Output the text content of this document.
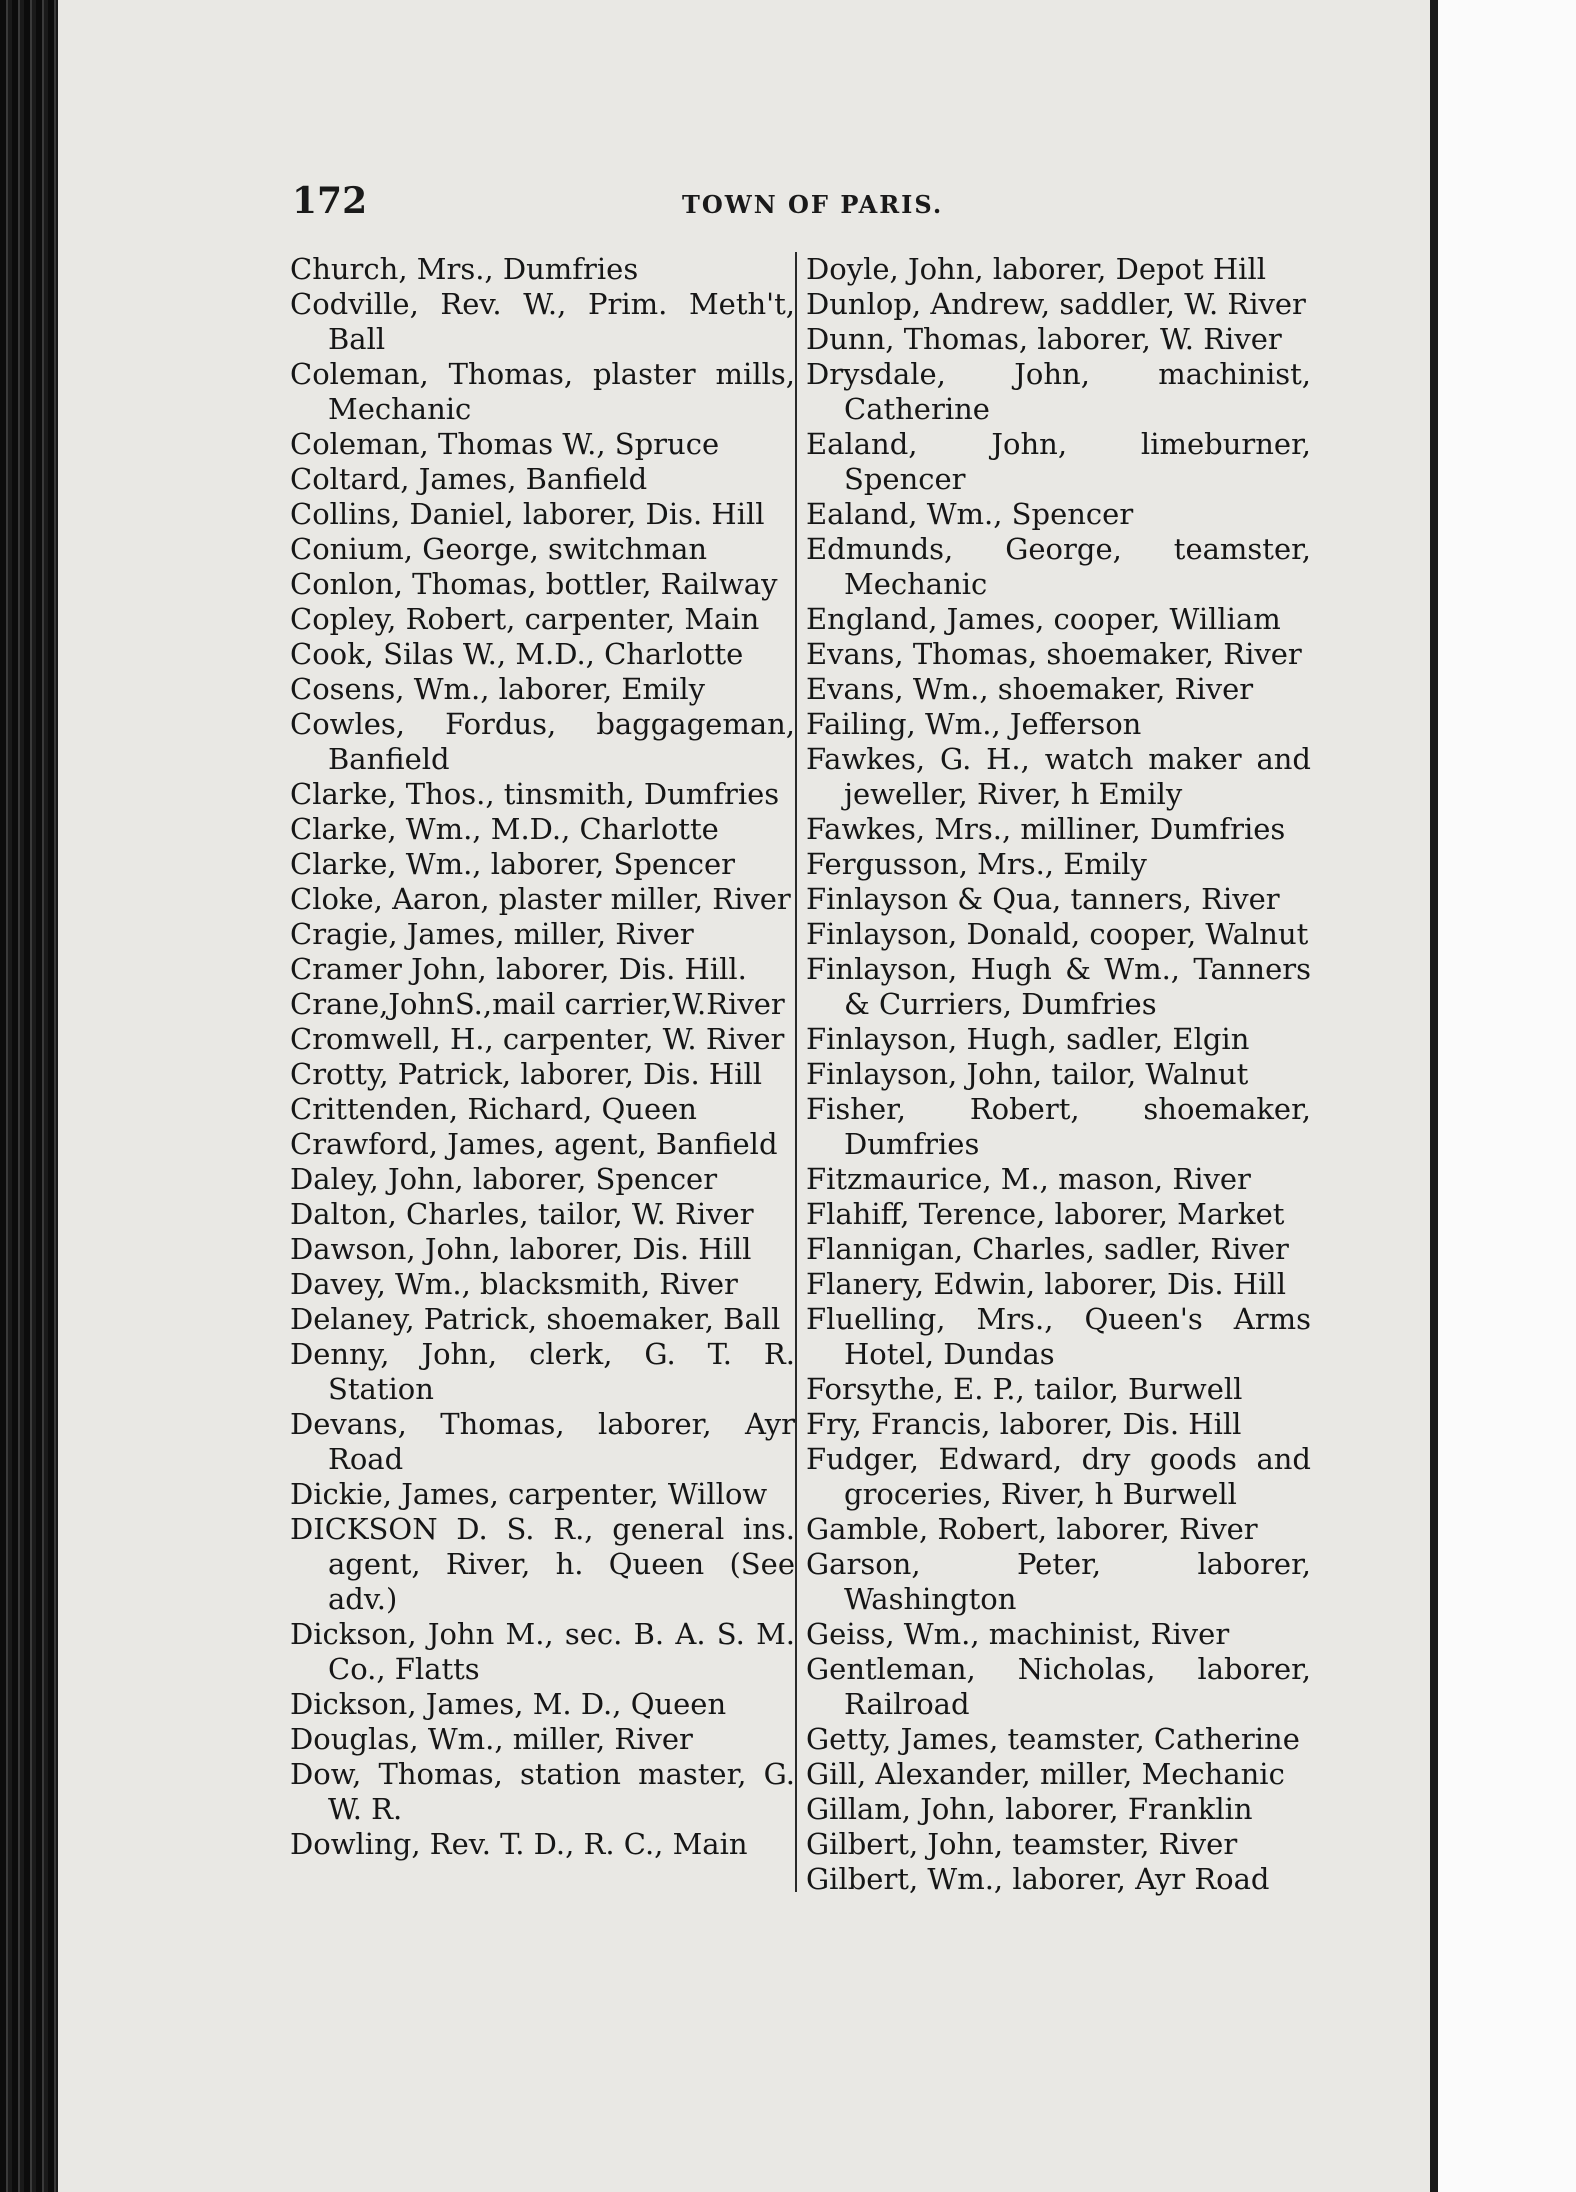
172	TOWN OF PARIS.
Church, Mrs., Dumfries
Codville, Rev. W., Prim. Meth't, Ball
Coleman, Thomas, plaster mills, Mechanic
Coleman, Thomas W., Spruce
Coltard, James, Banfield
Collins, Daniel, laborer, Dis. Hill
Conium, George, switchman
Conlon, Thomas, bottler, Railway
Copley, Robert, carpenter, Main
Cook, Silas W., M.D., Charlotte
Cosens, Wm., laborer, Emily
Cowles, Fordus, baggageman, Banfield
Clarke, Thos., tinsmith, Dumfries
Clarke, Wm., M.D., Charlotte
Clarke, Wm., laborer, Spencer
Cloke, Aaron, plaster miller, River
Cragie, James, miller, River
Cramer John, laborer, Dis. Hill.
Crane,JohnS.,mail carrier,W.River
Cromwell, H., carpenter, W. River
Crotty, Patrick, laborer, Dis. Hill
Crittenden, Richard, Queen
Crawford, James, agent, Banfield
Daley, John, laborer, Spencer
Dalton, Charles, tailor, W. River
Dawson, John, laborer, Dis. Hill
Davey, Wm., blacksmith, River
Delaney, Patrick, shoemaker, Ball
Denny, John, clerk, G. T. R. Station
Devans, Thomas, laborer, Ayr Road
Dickie, James, carpenter, Willow
DICKSON D. S. R., general ins. agent, River, h. Queen (See adv.)
Dickson, John M., sec. B. A. S. M. Co., Flatts
Dickson, James, M. D., Queen
Douglas, Wm., miller, River
Dow, Thomas, station master, G. W. R.
Dowling, Rev. T. D., R. C., Main
Doyle, John, laborer, Depot Hill
Dunlop, Andrew, saddler, W. River
Dunn, Thomas, laborer, W. River
Drysdale, John, machinist, Catherine
Ealand, John, limeburner, Spencer
Ealand, Wm., Spencer
Edmunds, George, teamster, Mechanic
England, James, cooper, William
Evans, Thomas, shoemaker, River
Evans, Wm., shoemaker, River
Failing, Wm., Jefferson
Fawkes, G. H., watch maker and jeweller, River, h Emily
Fawkes, Mrs., milliner, Dumfries
Fergusson, Mrs., Emily
Finlayson & Qua, tanners, River
Finlayson, Donald, cooper, Walnut
Finlayson, Hugh & Wm., Tanners & Curriers, Dumfries
Finlayson, Hugh, sadler, Elgin
Finlayson, John, tailor, Walnut
Fisher, Robert, shoemaker, Dumfries
Fitzmaurice, M., mason, River
Flahiff, Terence, laborer, Market
Flannigan, Charles, sadler, River
Flanery, Edwin, laborer, Dis. Hill
Fluelling, Mrs., Queen's Arms Hotel, Dundas
Forsythe, E. P., tailor, Burwell
Fry, Francis, laborer, Dis. Hill
Fudger, Edward, dry goods and groceries, River, h Burwell
Gamble, Robert, laborer, River
Garson, Peter, laborer, Washington
Geiss, Wm., machinist, River
Gentleman, Nicholas, laborer, Railroad
Getty, James, teamster, Catherine
Gill, Alexander, miller, Mechanic
Gillam, John, laborer, Franklin
Gilbert, John, teamster, River
Gilbert, Wm., laborer, Ayr Road
